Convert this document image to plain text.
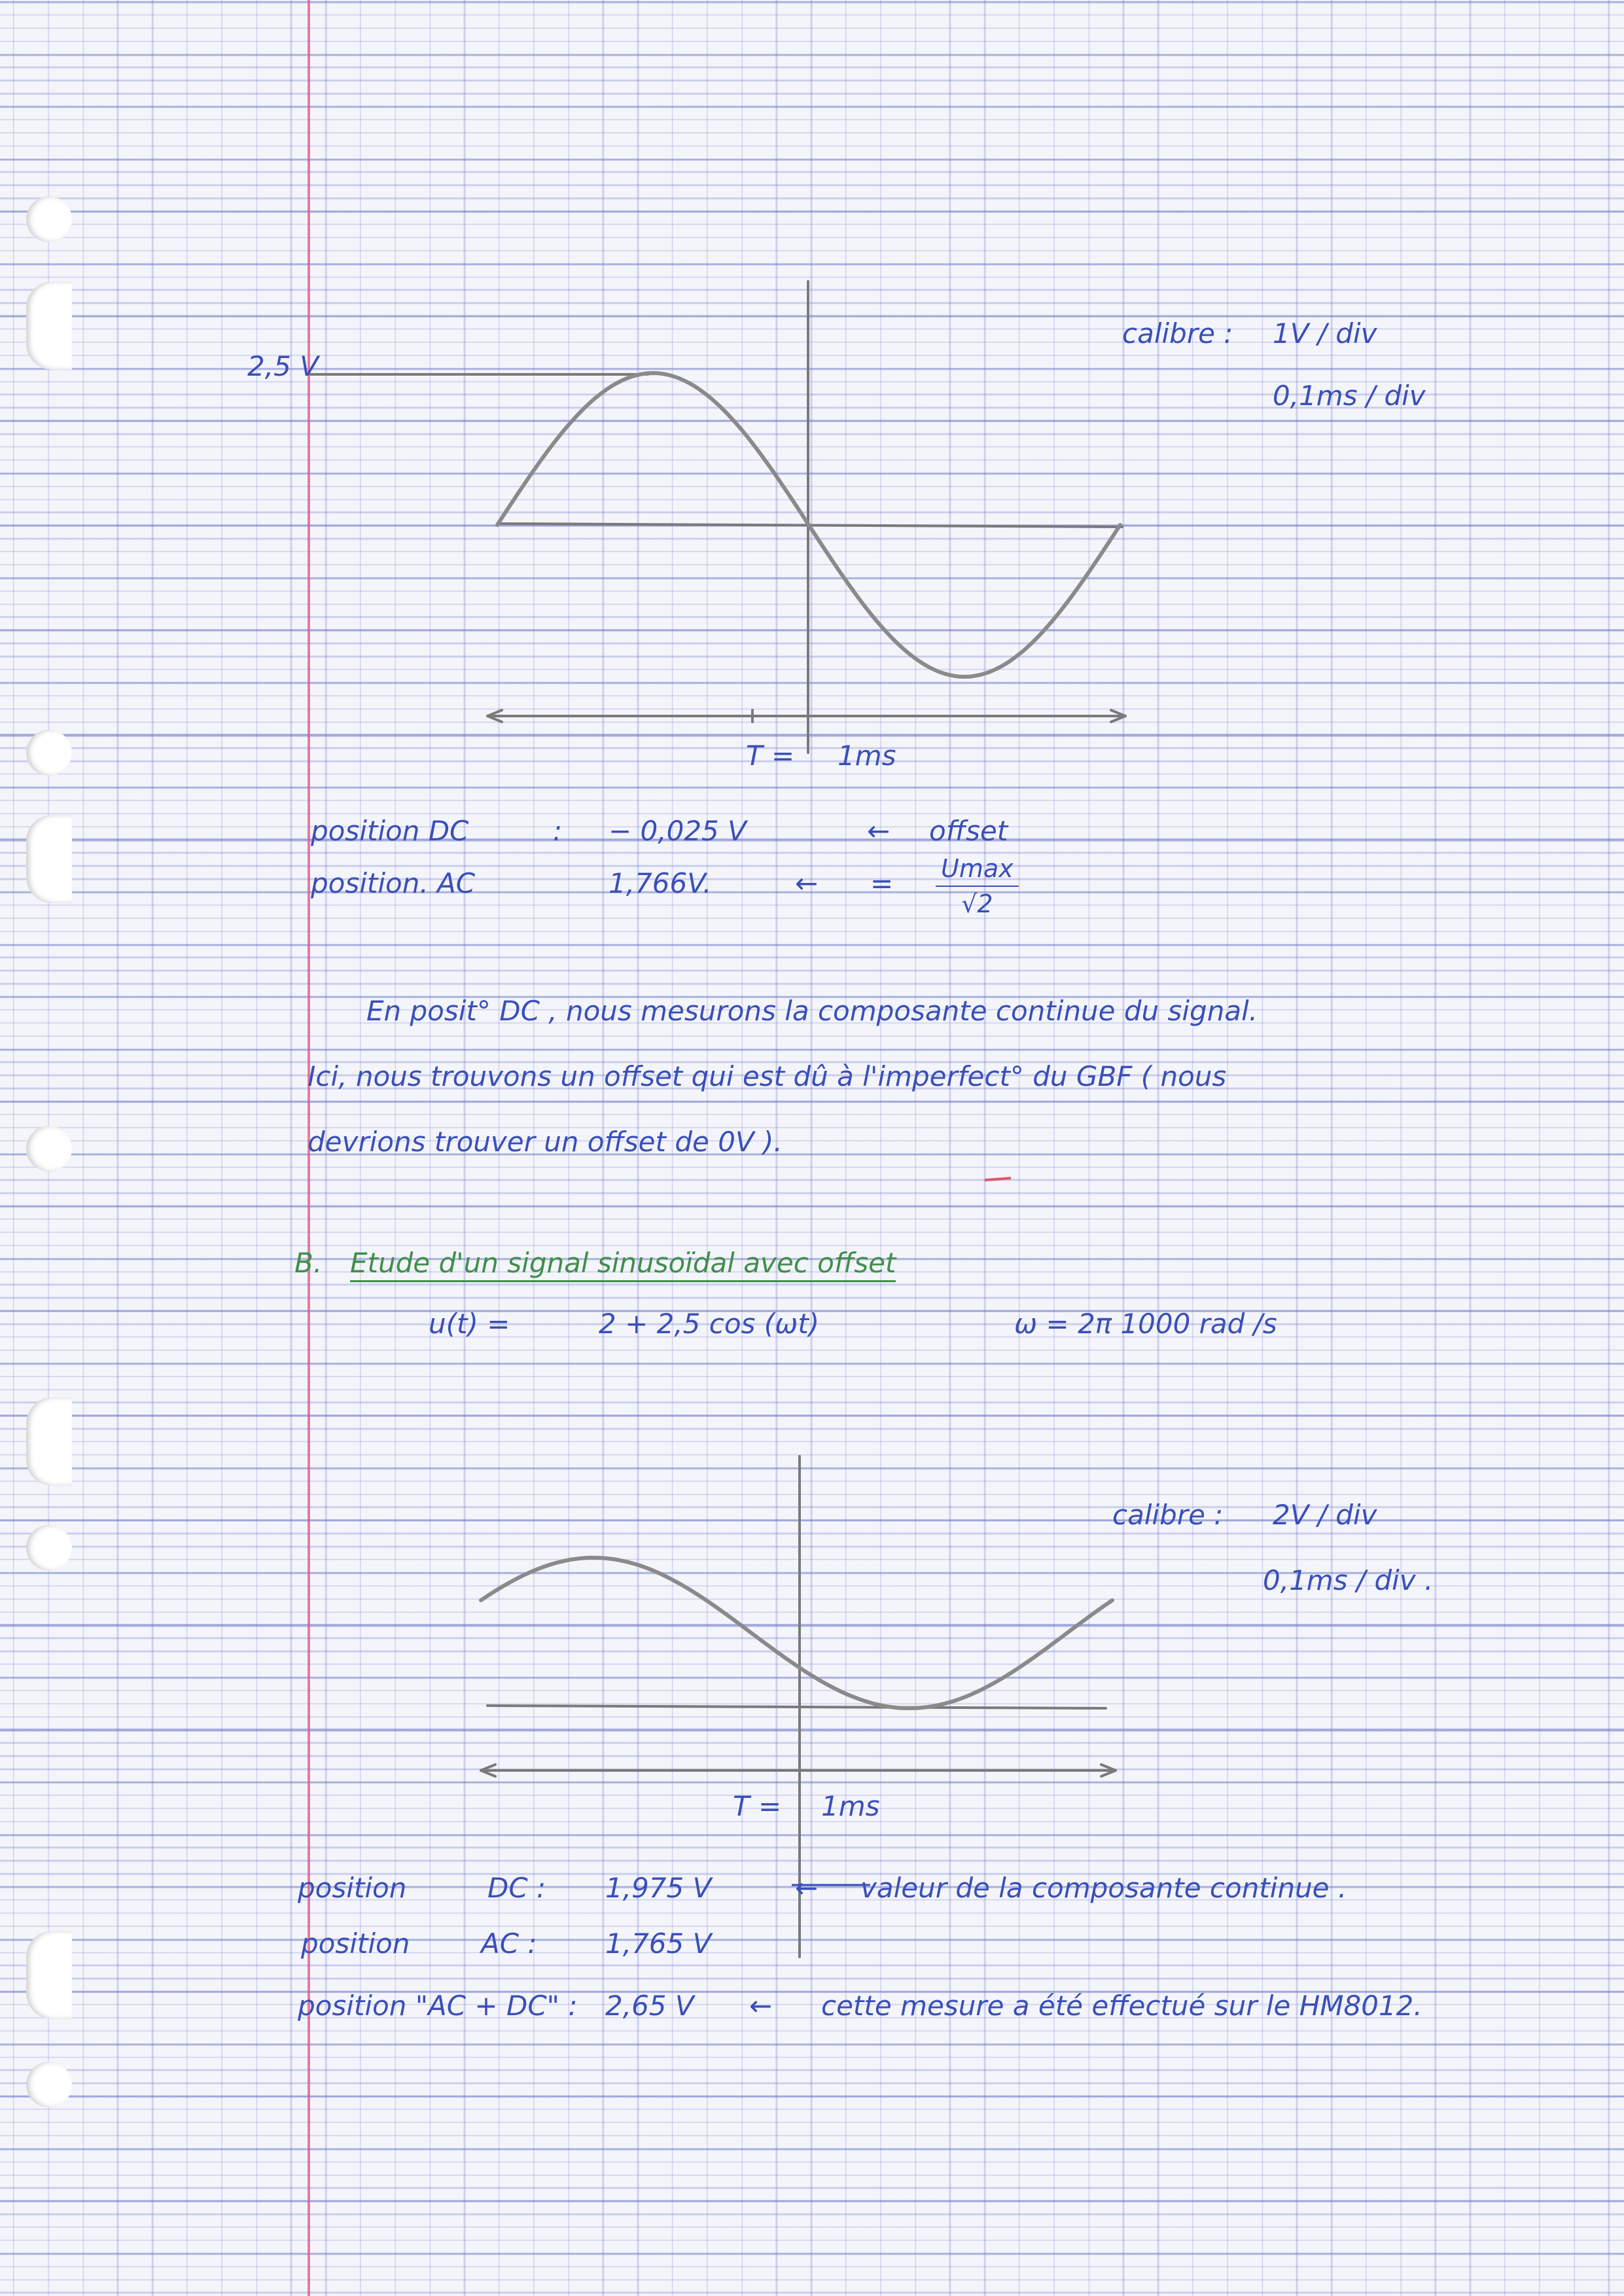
2,5 V
T = 1ms
calibre : 1V / div
0,1ms / div
position DC	: − 0,025 V	← offset
position. AC	1,766V.	← = Umax
√2
En posit° DC , nous mesurons la composante continue du signal.
Ici, nous trouvons un offset qui est dû à l'imperfect° du GBF ( nous
devrions trouver un offset de 0V ).
B. Etude d'un signal sinusoïdal avec offset
u(t) =	2 + 2,5 cos (ωt)	ω = 2π 1000 rad /s
calibre : 2V / div
0,1ms / div .
T = 1ms
position	DC : 1,975 V	← valeur de la composante continue .
position	AC : 1,765 V
position "AC + DC" : 2,65 V ← cette mesure a été effectué sur le HM8012.
